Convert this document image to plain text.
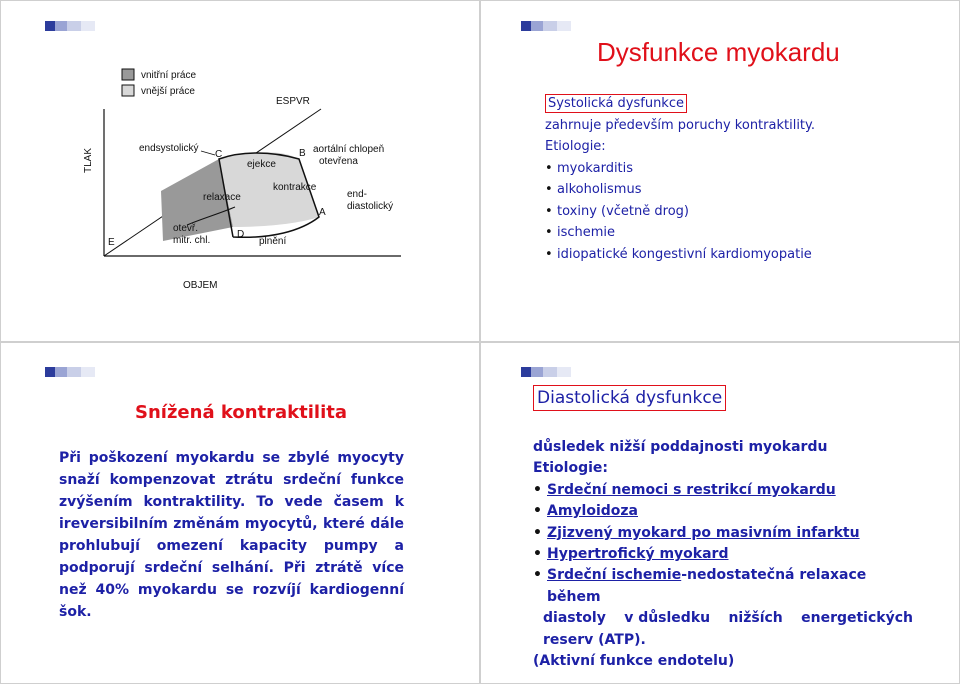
vnitřní práce
vnější práce
TLAK
OBJEM
ESPVR
A
B
C
D
E
endsystolický
ejekce
aortální chlopeň
otevřena
relaxace
kontrakce
end-
diastolický
otevř.
mitr. chl.	plnění
Dysfunkce myokardu
Systolická dysfunkce
zahrnuje především poruchy kontraktility.
Etiologie:
• myokarditis
• alkoholismus
• toxiny (včetně drog)
• ischemie
• idiopatické kongestivní kardiomyopatie
Snížená kontraktilita
Při poškození myokardu se zbylé myocyty snaží kompenzovat ztrátu srdeční funkce zvýšením kontraktility. To vede časem k ireversibilním změnám myocytů, které dále prohlubují omezení kapacity pumpy a podporují srdeční selhání. Při ztrátě více než 40% myokardu se rozvíjí kardiogenní šok.
Diastolická dysfunkce
důsledek nižší poddajnosti myokardu
Etiologie:
• Srdeční nemoci s restrikcí myokardu
• Amyloidoza
• Zjizvený myokard po masivním infarktu
• Hypertrofický myokard
• Srdeční ischemie-nedostatečná relaxace během
diastoly v důsledku nižších energetických
reserv (ATP).
(Aktivní funkce endotelu)
